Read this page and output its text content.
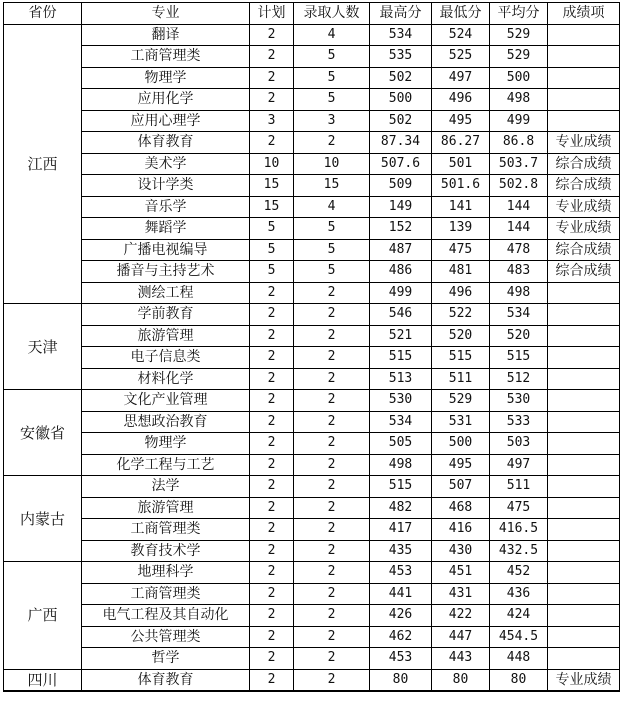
省份	专业	计划	录取人数	最高分	最低分	平均分	成绩项
江西	翻译	2	4	534	524	529	
	工商管理类	2	5	535	525	529	
	物理学	2	5	502	497	500	
	应用化学	2	5	500	496	498	
	应用心理学	3	3	502	495	499	
	体育教育	2	2	87.34	86.27	86.8	专业成绩
	美术学	10	10	507.6	501	503.7	综合成绩
	设计学类	15	15	509	501.6	502.8	综合成绩
	音乐学	15	4	149	141	144	专业成绩
	舞蹈学	5	5	152	139	144	专业成绩
	广播电视编导	5	5	487	475	478	综合成绩
	播音与主持艺术	5	5	486	481	483	综合成绩
	测绘工程	2	2	499	496	498	
天津	学前教育	2	2	546	522	534	
	旅游管理	2	2	521	520	520	
	电子信息类	2	2	515	515	515	
	材料化学	2	2	513	511	512	
安徽省	文化产业管理	2	2	530	529	530	
	思想政治教育	2	2	534	531	533	
	物理学	2	2	505	500	503	
	化学工程与工艺	2	2	498	495	497	
内蒙古	法学	2	2	515	507	511	
	旅游管理	2	2	482	468	475	
	工商管理类	2	2	417	416	416.5	
	教育技术学	2	2	435	430	432.5	
广西	地理科学	2	2	453	451	452	
	工商管理类	2	2	441	431	436	
	电气工程及其自动化	2	2	426	422	424	
	公共管理类	2	2	462	447	454.5	
	哲学	2	2	453	443	448	
四川	体育教育	2	2	80	80	80	专业成绩
